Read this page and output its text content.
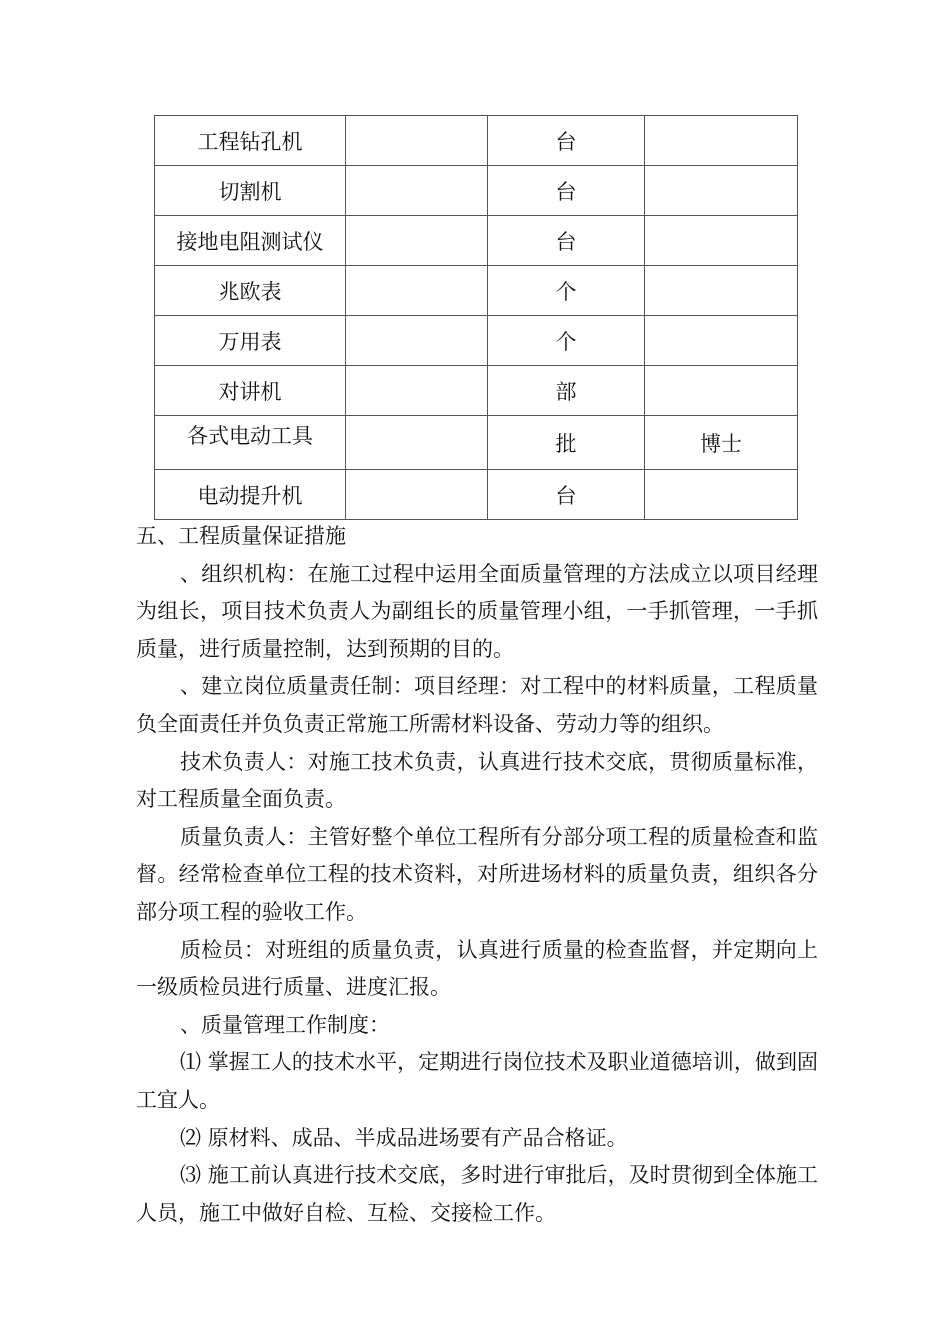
工程钻孔机		台	
切割机		台	
接地电阻测试仪		台	
兆欧表		个	
万用表		个	
对讲机		部	
各式电动工具		批	博士
电动提升机		台	

五、工程质量保证措施

、组织机构：在施工过程中运用全面质量管理的方法成立以项目经理为组长，项目技术负责人为副组长的质量管理小组，一手抓管理，一手抓质量，进行质量控制，达到预期的目的。

、建立岗位质量责任制：项目经理：对工程中的材料质量，工程质量负全面责任并负负责正常施工所需材料设备、劳动力等的组织。

技术负责人：对施工技术负责，认真进行技术交底，贯彻质量标准，对工程质量全面负责。

质量负责人：主管好整个单位工程所有分部分项工程的质量检查和监督。经常检查单位工程的技术资料，对所进场材料的质量负责，组织各分部分项工程的验收工作。

质检员：对班组的质量负责，认真进行质量的检查监督，并定期向上一级质检员进行质量、进度汇报。

、质量管理工作制度：

⑴ 掌握工人的技术水平，定期进行岗位技术及职业道德培训，做到固工宜人。

⑵ 原材料、成品、半成品进场要有产品合格证。

⑶ 施工前认真进行技术交底，多时进行审批后，及时贯彻到全体施工人员，施工中做好自检、互检、交接检工作。
